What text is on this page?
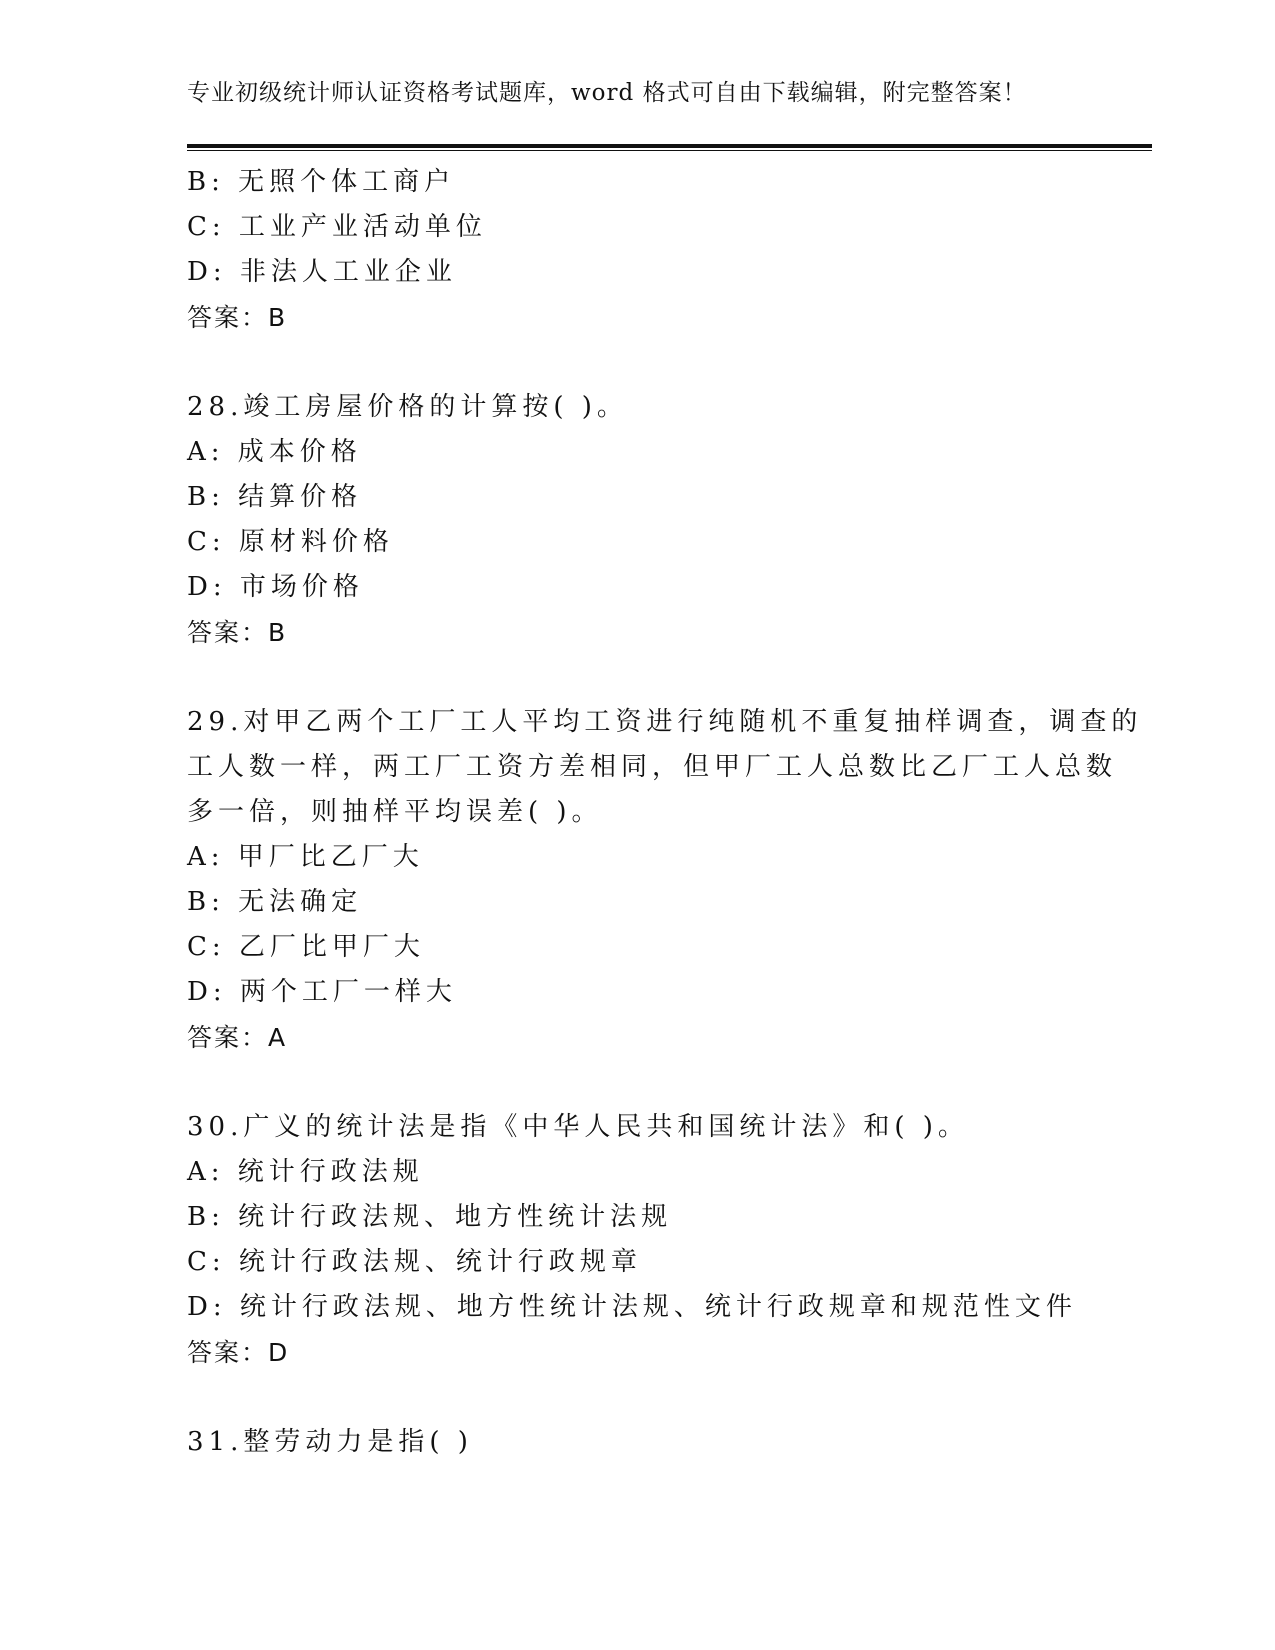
专业初级统计师认证资格考试题库，word 格式可自由下载编辑，附完整答案！
B: 无照个体工商户
C: 工业产业活动单位
D: 非法人工业企业
答案：B
28.竣工房屋价格的计算按( )。
A: 成本价格
B: 结算价格
C: 原材料价格
D: 市场价格
答案：B
29.对甲乙两个工厂工人平均工资进行纯随机不重复抽样调查，调查的
工人数一样，两工厂工资方差相同，但甲厂工人总数比乙厂工人总数
多一倍，则抽样平均误差( )。
A: 甲厂比乙厂大
B: 无法确定
C: 乙厂比甲厂大
D: 两个工厂一样大
答案：A
30.广义的统计法是指《中华人民共和国统计法》和( )。
A: 统计行政法规
B: 统计行政法规、地方性统计法规
C: 统计行政法规、统计行政规章
D: 统计行政法规、地方性统计法规、统计行政规章和规范性文件
答案：D
31.整劳动力是指( )
